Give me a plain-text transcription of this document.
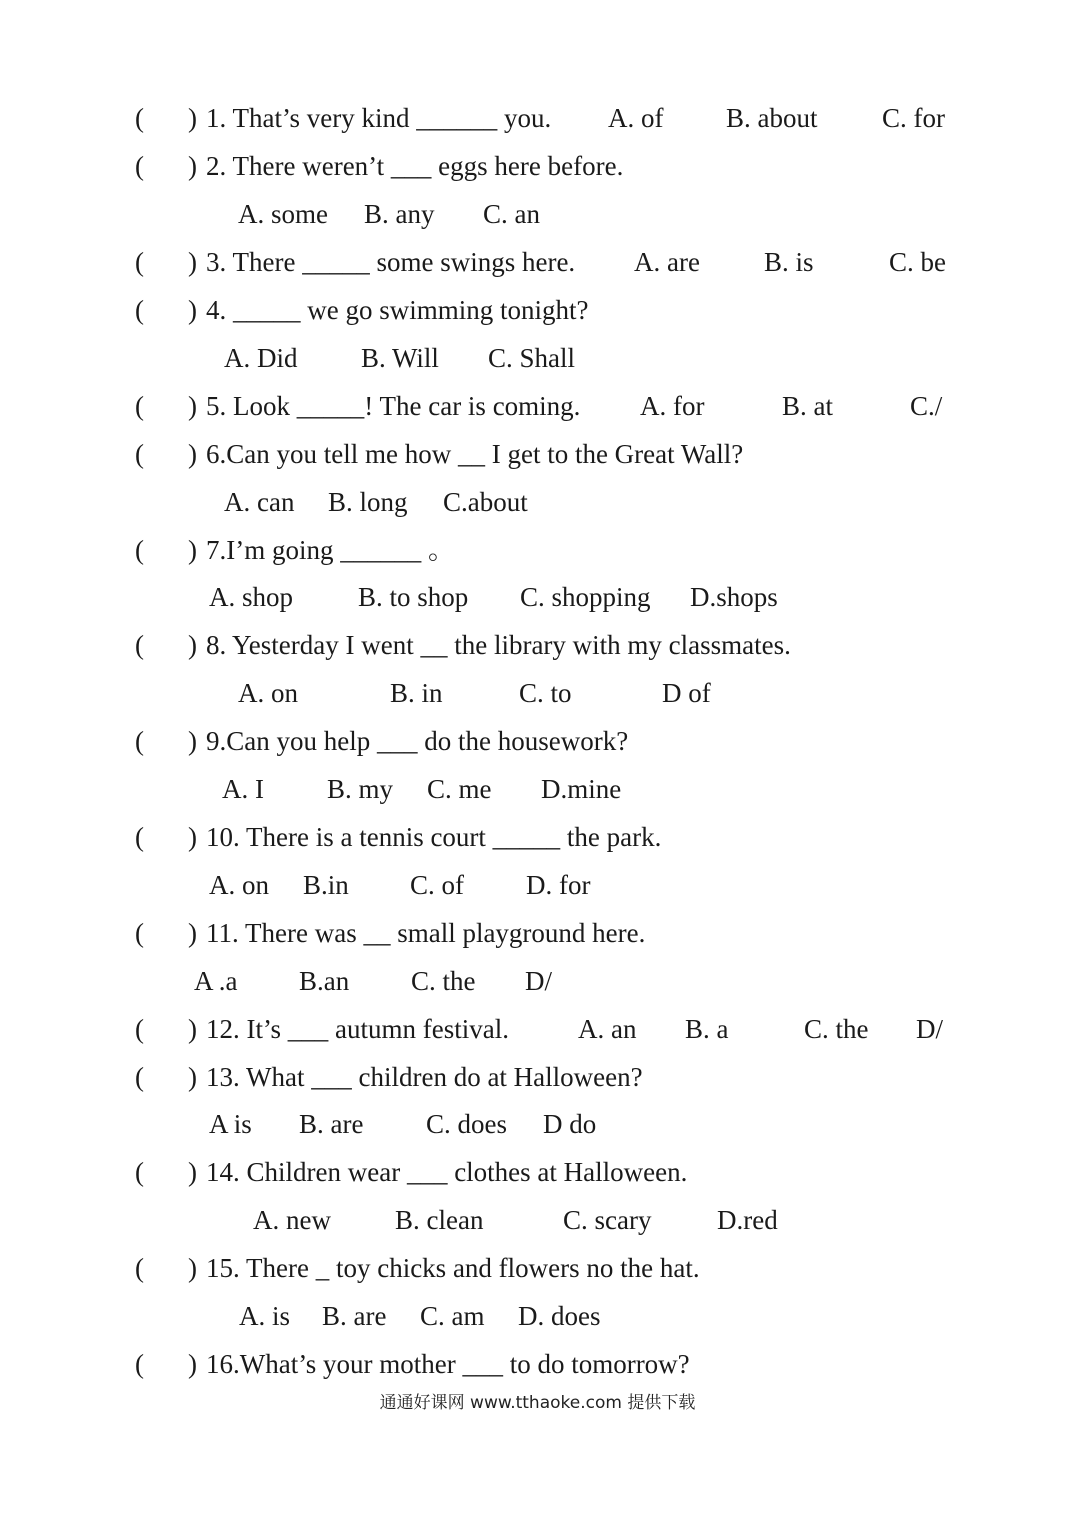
( ) 1. That’s very kind ______ you. A. of B. about C. for
( ) 2. There weren’t ___ eggs here before.
A. some B. any C. an
( ) 3. There _____ some swings here. A. are B. is	C. be
( ) 4. _____ we go swimming tonight?
A. Did B. Will C. Shall
( ) 5. Look _____! The car is coming. A. for	B. at	C./
( ) 6.Can you tell me how __ I get to the Great Wall?
A. can B. long C.about
( ) 7.I’m going ______ 。
A. shop B. to shop C. shopping D.shops
( ) 8. Yesterday I went __ the library with my classmates.
A. on	B. in	C. to	D of
( ) 9.Can you help ___ do the housework?
A. I B. my C. me D.mine
( ) 10. There is a tennis court _____ the park.
A. on B.in C. of D. for
( ) 11. There was __ small playground here.
A .a B.an C. the D/
( ) 12. It’s ___ autumn festival.	A. an B. a	C. the D/
( ) 13. What ___ children do at Halloween?
A is B. are C. does D do
( ) 14. Children wear ___ clothes at Halloween.
A. new B. clean	C. scary D.red
( ) 15. There _ toy chicks and flowers no the hat.
A. is B. are C. am D. does
( ) 16.What’s your mother ___ to do tomorrow?
通通好课网 www.tthaoke.com 提供下载
